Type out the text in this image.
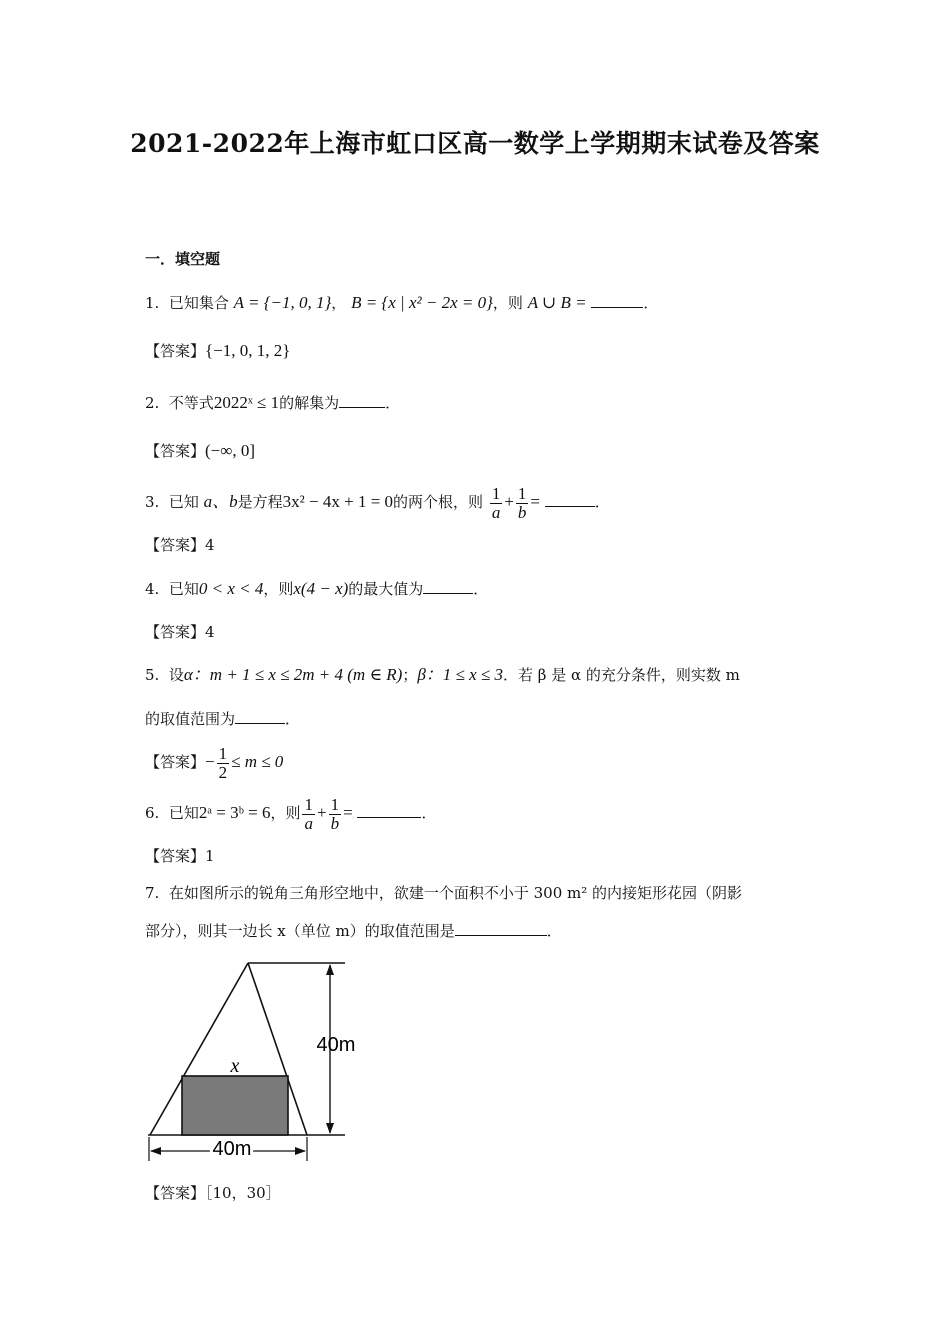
2021-2022年上海市虹口区高一数学上学期期末试卷及答案
一．填空题
1. 已知集合 A = {−1, 0, 1}， B = {x | x² − 2x = 0}，则 A ∪ B =	．
【答案】{−1, 0, 1, 2}
2. 不等式2022ˣ ≤ 1的解集为	．
【答案】(−∞, 0]
3. 已知 a、b是方程3x² − 4x + 1 = 0的两个根，则 $\frac{1}{a} + \frac{1}{b}$ =	．
【答案】4
4. 已知0 < x < 4，则x(4 − x)的最大值为	．
【答案】4
5. 设α：m + 1 ≤ x ≤ 2m + 4 (m ∈ R)；β：1 ≤ x ≤ 3．若 β 是 α 的充分条件，则实数 m
的取值范围为	．
【答案】− $\frac{1}{2} \le m \le 0$
6. 已知2ᵃ = 3ᵇ = 6，则 $\frac{1}{a} + \frac{1}{b}$ =	．
【答案】1
7. 在如图所示的锐角三角形空地中，欲建一个面积不小于 300 m² 的内接矩形花园（阴影
部分），则其一边长 x（单位 m）的取值范围是	．
x
40m
40m
【答案】［10，30］
